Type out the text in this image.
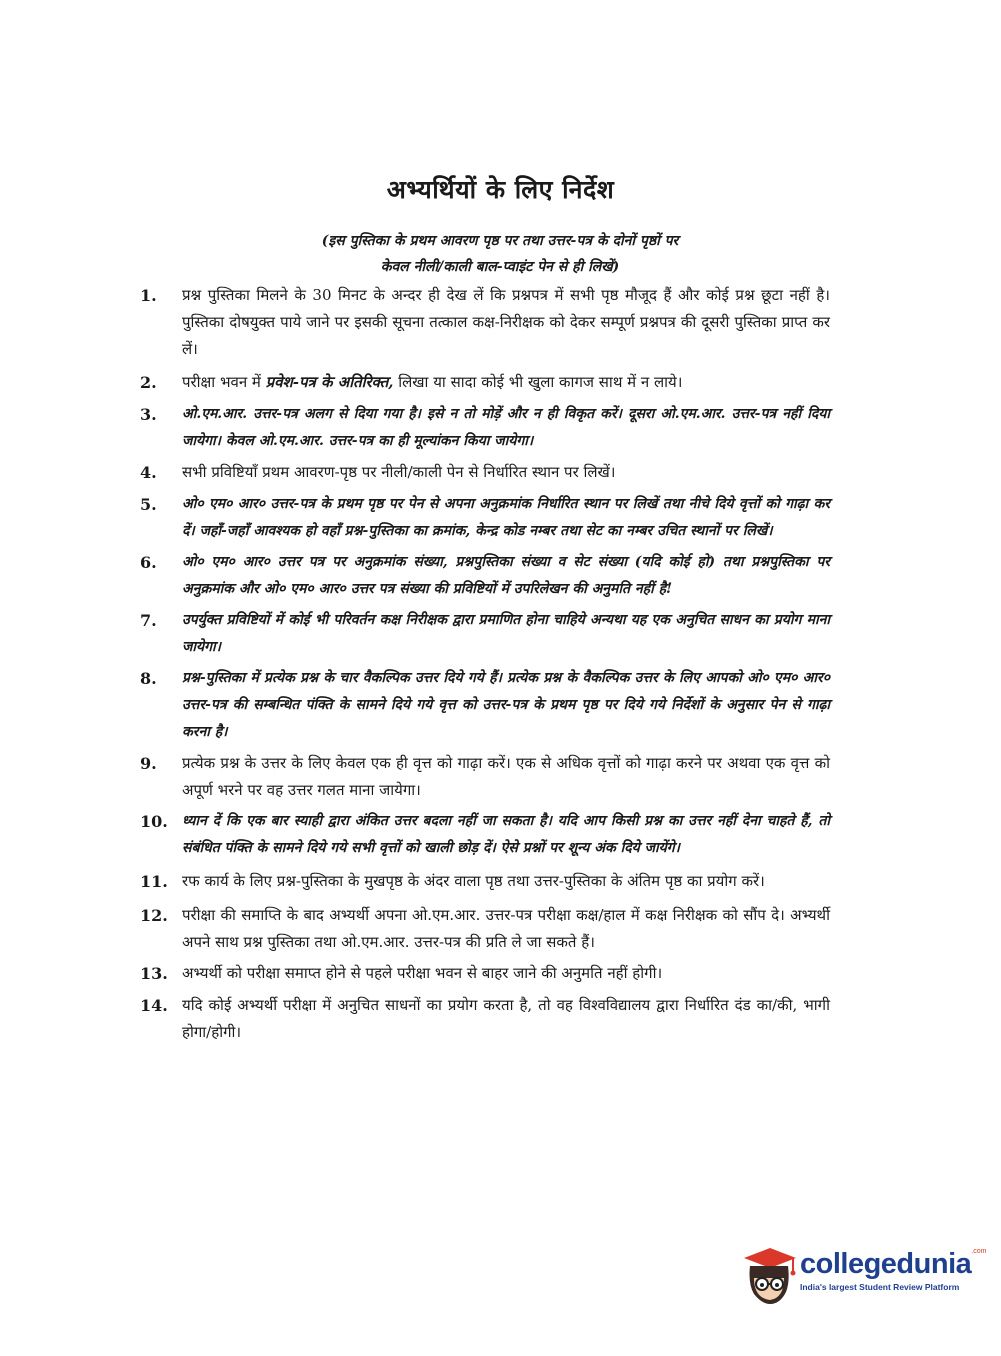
अभ्यर्थियों के लिए निर्देश
(इस पुस्तिका के प्रथम आवरण पृष्ठ पर तथा उत्तर-पत्र के दोनों पृष्ठों पर
केवल नीली/काली बाल-प्वाइंट पेन से ही लिखें)
1.	प्रश्न पुस्तिका मिलने के 30 मिनट के अन्दर ही देख लें कि प्रश्नपत्र में सभी पृष्ठ मौजूद हैं और कोई प्रश्न छूटा नहीं है। पुस्तिका दोषयुक्त पाये जाने पर इसकी सूचना तत्काल कक्ष-निरीक्षक को देकर सम्पूर्ण प्रश्नपत्र की दूसरी पुस्तिका प्राप्त कर लें।
2.	परीक्षा भवन में प्रवेश-पत्र के अतिरिक्त, लिखा या सादा कोई भी खुला कागज साथ में न लाये।
3.	ओ.एम.आर. उत्तर-पत्र अलग से दिया गया है। इसे न तो मोड़ें और न ही विकृत करें। दूसरा ओ.एम.आर. उत्तर-पत्र नहीं दिया जायेगा। केवल ओ.एम.आर. उत्तर-पत्र का ही मूल्यांकन किया जायेगा।
4.	सभी प्रविष्टियाँ प्रथम आवरण-पृष्ठ पर नीली/काली पेन से निर्धारित स्थान पर लिखें।
5.	ओ० एम० आर० उत्तर-पत्र के प्रथम पृष्ठ पर पेन से अपना अनुक्रमांक निर्धारित स्थान पर लिखें तथा नीचे दिये वृत्तों को गाढ़ा कर दें। जहाँ-जहाँ आवश्यक हो वहाँ प्रश्न-पुस्तिका का क्रमांक, केन्द्र कोड नम्बर तथा सेट का नम्बर उचित स्थानों पर लिखें।
6.	ओ० एम० आर० उत्तर पत्र पर अनुक्रमांक संख्या, प्रश्नपुस्तिका संख्या व सेट संख्या (यदि कोई हो) तथा प्रश्नपुस्तिका पर अनुक्रमांक और ओ० एम० आर० उत्तर पत्र संख्या की प्रविष्टियों में उपरिलेखन की अनुमति नहीं है!
7.	उपर्युक्त प्रविष्टियों में कोई भी परिवर्तन कक्ष निरीक्षक द्वारा प्रमाणित होना चाहिये अन्यथा यह एक अनुचित साधन का प्रयोग माना जायेगा।
8.	प्रश्न-पुस्तिका में प्रत्येक प्रश्न के चार वैकल्पिक उत्तर दिये गये हैं। प्रत्येक प्रश्न के वैकल्पिक उत्तर के लिए आपको ओ० एम० आर० उत्तर-पत्र की सम्बन्धित पंक्ति के सामने दिये गये वृत्त को उत्तर-पत्र के प्रथम पृष्ठ पर दिये गये निर्देशों के अनुसार पेन से गाढ़ा करना है।
9.	प्रत्येक प्रश्न के उत्तर के लिए केवल एक ही वृत्त को गाढ़ा करें। एक से अधिक वृत्तों को गाढ़ा करने पर अथवा एक वृत्त को अपूर्ण भरने पर वह उत्तर गलत माना जायेगा।
10.	ध्यान दें कि एक बार स्याही द्वारा अंकित उत्तर बदला नहीं जा सकता है। यदि आप किसी प्रश्न का उत्तर नहीं देना चाहते हैं, तो संबंधित पंक्ति के सामने दिये गये सभी वृत्तों को खाली छोड़ दें। ऐसे प्रश्नों पर शून्य अंक दिये जायेंगे।
11. रफ कार्य के लिए प्रश्न-पुस्तिका के मुखपृष्ठ के अंदर वाला पृष्ठ तथा उत्तर-पुस्तिका के अंतिम पृष्ठ का प्रयोग करें।
12. परीक्षा की समाप्ति के बाद अभ्यर्थी अपना ओ.एम.आर. उत्तर-पत्र परीक्षा कक्ष/हाल में कक्ष निरीक्षक को सौंप दे। अभ्यर्थी अपने साथ प्रश्न पुस्तिका तथा ओ.एम.आर. उत्तर-पत्र की प्रति ले जा सकते हैं।
13. अभ्यर्थी को परीक्षा समाप्त होने से पहले परीक्षा भवन से बाहर जाने की अनुमति नहीं होगी।
14. यदि कोई अभ्यर्थी परीक्षा में अनुचित साधनों का प्रयोग करता है, तो वह विश्वविद्यालय द्वारा निर्धारित दंड का/की, भागी होगा/होगी।
collegedunia$^{.com}$
India's largest Student Review Platform
